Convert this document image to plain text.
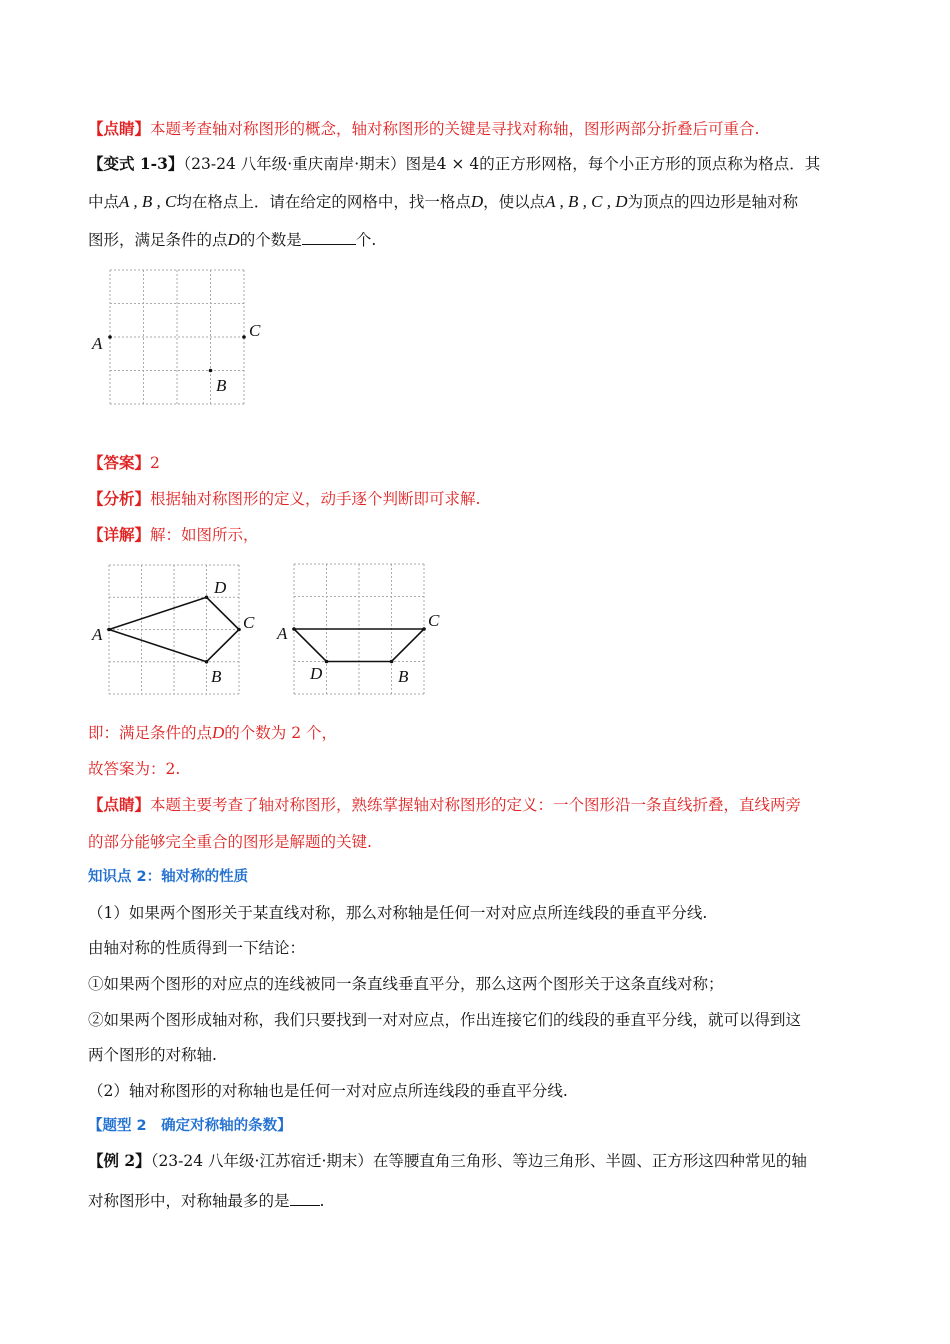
【点睛】本题考查轴对称图形的概念，轴对称图形的关键是寻找对称轴，图形两部分折叠后可重合.
【变式 1-3】（23-24 八年级·重庆南岸·期末）图是4 × 4的正方形网格，每个小正方形的顶点称为格点．其
中点A , B , C均在格点上．请在给定的网格中，找一格点D，使以点A , B , C , D为顶点的四边形是轴对称
图形，满足条件的点D的个数是	个.
A
C
B
【答案】2
【分析】根据轴对称图形的定义，动手逐个判断即可求解.
【详解】解：如图所示，
A
D
C
B
A
C
D	B
即：满足条件的点D的个数为 2 个，
故答案为：2.
【点睛】本题主要考查了轴对称图形，熟练掌握轴对称图形的定义：一个图形沿一条直线折叠，直线两旁
的部分能够完全重合的图形是解题的关键.
知识点 2：轴对称的性质
（1）如果两个图形关于某直线对称，那么对称轴是任何一对对应点所连线段的垂直平分线.
由轴对称的性质得到一下结论：
①如果两个图形的对应点的连线被同一条直线垂直平分，那么这两个图形关于这条直线对称；
②如果两个图形成轴对称，我们只要找到一对对应点，作出连接它们的线段的垂直平分线，就可以得到这
两个图形的对称轴.
（2）轴对称图形的对称轴也是任何一对对应点所连线段的垂直平分线.
【题型 2　确定对称轴的条数】
【例 2】（23-24 八年级·江苏宿迁·期末）在等腰直角三角形、等边三角形、半圆、正方形这四种常见的轴
对称图形中，对称轴最多的是 .
